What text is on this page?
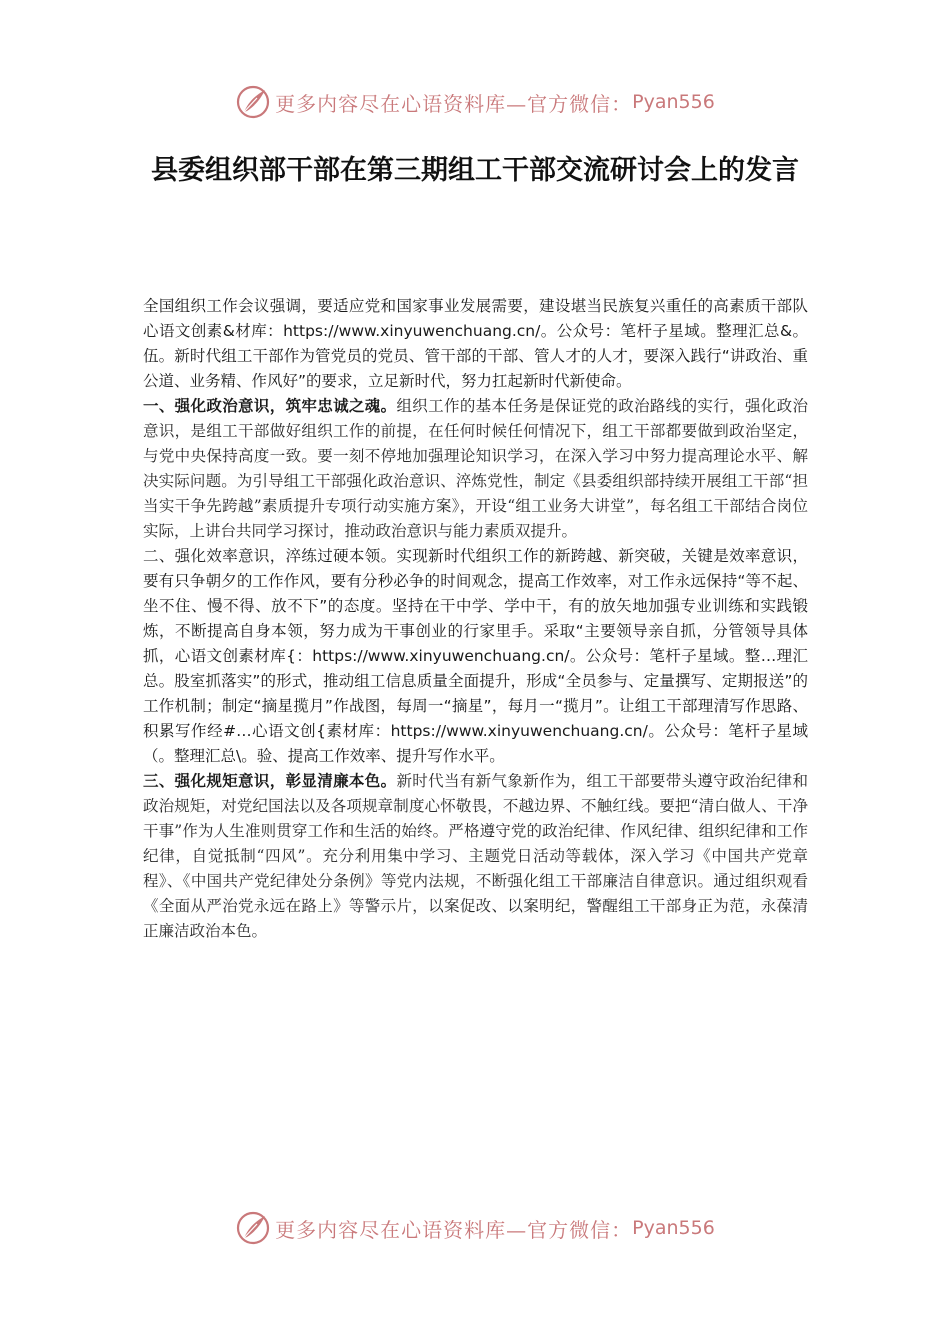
更多内容尽在心语资料库—官方微信： Pyan556
县委组织部干部在第三期组工干部交流研讨会上的发言

全国组织工作会议强调，要适应党和国家事业发展需要，建设堪当民族复兴重任的高素质干部队心语文创素&材库：https://www.xinyuwenchuang.cn/。公众号：笔杆子星域。整理汇总&。伍。新时代组工干部作为管党员的党员、管干部的干部、管人才的人才，要深入践行“讲政治、重公道、业务精、作风好”的要求，立足新时代，努力扛起新时代新使命。

一、强化政治意识，筑牢忠诚之魂。组织工作的基本任务是保证党的政治路线的实行，强化政治意识，是组工干部做好组织工作的前提，在任何时候任何情况下，组工干部都要做到政治坚定，与党中央保持高度一致。要一刻不停地加强理论知识学习，在深入学习中努力提高理论水平、解决实际问题。为引导组工干部强化政治意识、淬炼党性，制定《县委组织部持续开展组工干部“担当实干争先跨越”素质提升专项行动实施方案》，开设“组工业务大讲堂”，每名组工干部结合岗位实际，上讲台共同学习探讨，推动政治意识与能力素质双提升。

二、强化效率意识，淬练过硬本领。实现新时代组织工作的新跨越、新突破，关键是效率意识，要有只争朝夕的工作作风，要有分秒必争的时间观念，提高工作效率，对工作永远保持“等不起、坐不住、慢不得、放不下”的态度。坚持在干中学、学中干，有的放矢地加强专业训练和实践锻炼，不断提高自身本领，努力成为干事创业的行家里手。采取“主要领导亲自抓，分管领导具体抓，心语文创素材库{：https://www.xinyuwenchuang.cn/。公众号：笔杆子星域。整…理汇总。股室抓落实”的形式，推动组工信息质量全面提升，形成“全员参与、定量撰写、定期报送”的工作机制；制定“摘星揽月”作战图，每周一“摘星”，每月一“揽月”。让组工干部理清写作思路、积累写作经#…心语文创{素材库：https://www.xinyuwenchuang.cn/。公众号：笔杆子星域（。整理汇总\。验、提高工作效率、提升写作水平。

三、强化规矩意识，彰显清廉本色。新时代当有新气象新作为，组工干部要带头遵守政治纪律和政治规矩，对党纪国法以及各项规章制度心怀敬畏，不越边界、不触红线。要把“清白做人、干净干事”作为人生准则贯穿工作和生活的始终。严格遵守党的政治纪律、作风纪律、组织纪律和工作纪律，自觉抵制“四风”。充分利用集中学习、主题党日活动等载体，深入学习《中国共产党章程》、《中国共产党纪律处分条例》等党内法规，不断强化组工干部廉洁自律意识。通过组织观看《全面从严治党永远在路上》等警示片，以案促改、以案明纪，警醒组工干部身正为范，永葆清正廉洁政治本色。

更多内容尽在心语资料库—官方微信： Pyan556
